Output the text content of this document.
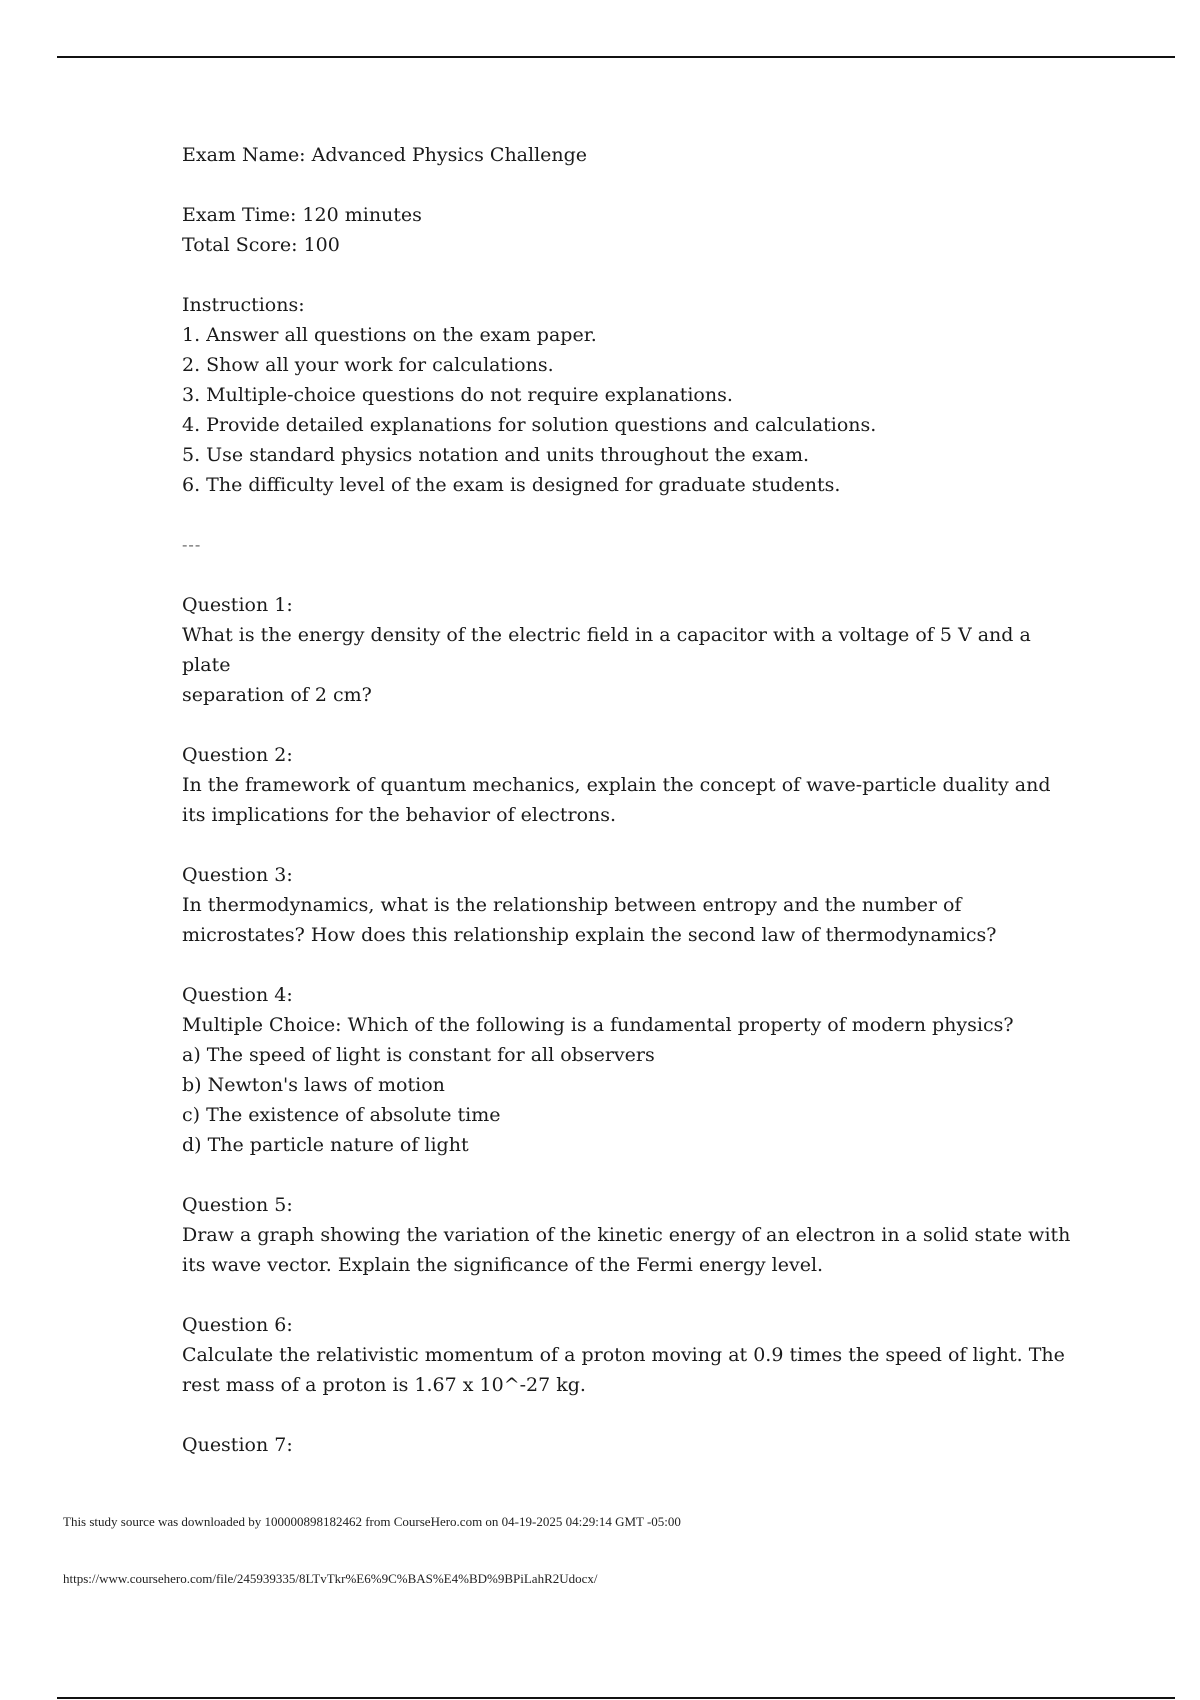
Exam Name: Advanced Physics Challenge

Exam Time: 120 minutes

Total Score: 100

Instructions:

1. Answer all questions on the exam paper.

2. Show all your work for calculations.

3. Multiple-choice questions do not require explanations.

4. Provide detailed explanations for solution questions and calculations.

5. Use standard physics notation and units throughout the exam.

6. The difficulty level of the exam is designed for graduate students.

---

Question 1:

What is the energy density of the electric field in a capacitor with a voltage of 5 V and a plate

separation of 2 cm?

Question 2:

In the framework of quantum mechanics, explain the concept of wave-particle duality and

its implications for the behavior of electrons.

Question 3:

In thermodynamics, what is the relationship between entropy and the number of

microstates? How does this relationship explain the second law of thermodynamics?

Question 4:

Multiple Choice: Which of the following is a fundamental property of modern physics?

a) The speed of light is constant for all observers

b) Newton's laws of motion

c) The existence of absolute time

d) The particle nature of light

Question 5:

Draw a graph showing the variation of the kinetic energy of an electron in a solid state with

its wave vector. Explain the significance of the Fermi energy level.

Question 6:

Calculate the relativistic momentum of a proton moving at 0.9 times the speed of light. The

rest mass of a proton is 1.67 x 10^-27 kg.

Question 7:

This study source was downloaded by 100000898182462 from CourseHero.com on 04-19-2025 04:29:14 GMT -05:00
https://www.coursehero.com/file/245939335/8LTvTkr%E6%9C%BAS%E4%BD%9BPiLahR2Udocx/
